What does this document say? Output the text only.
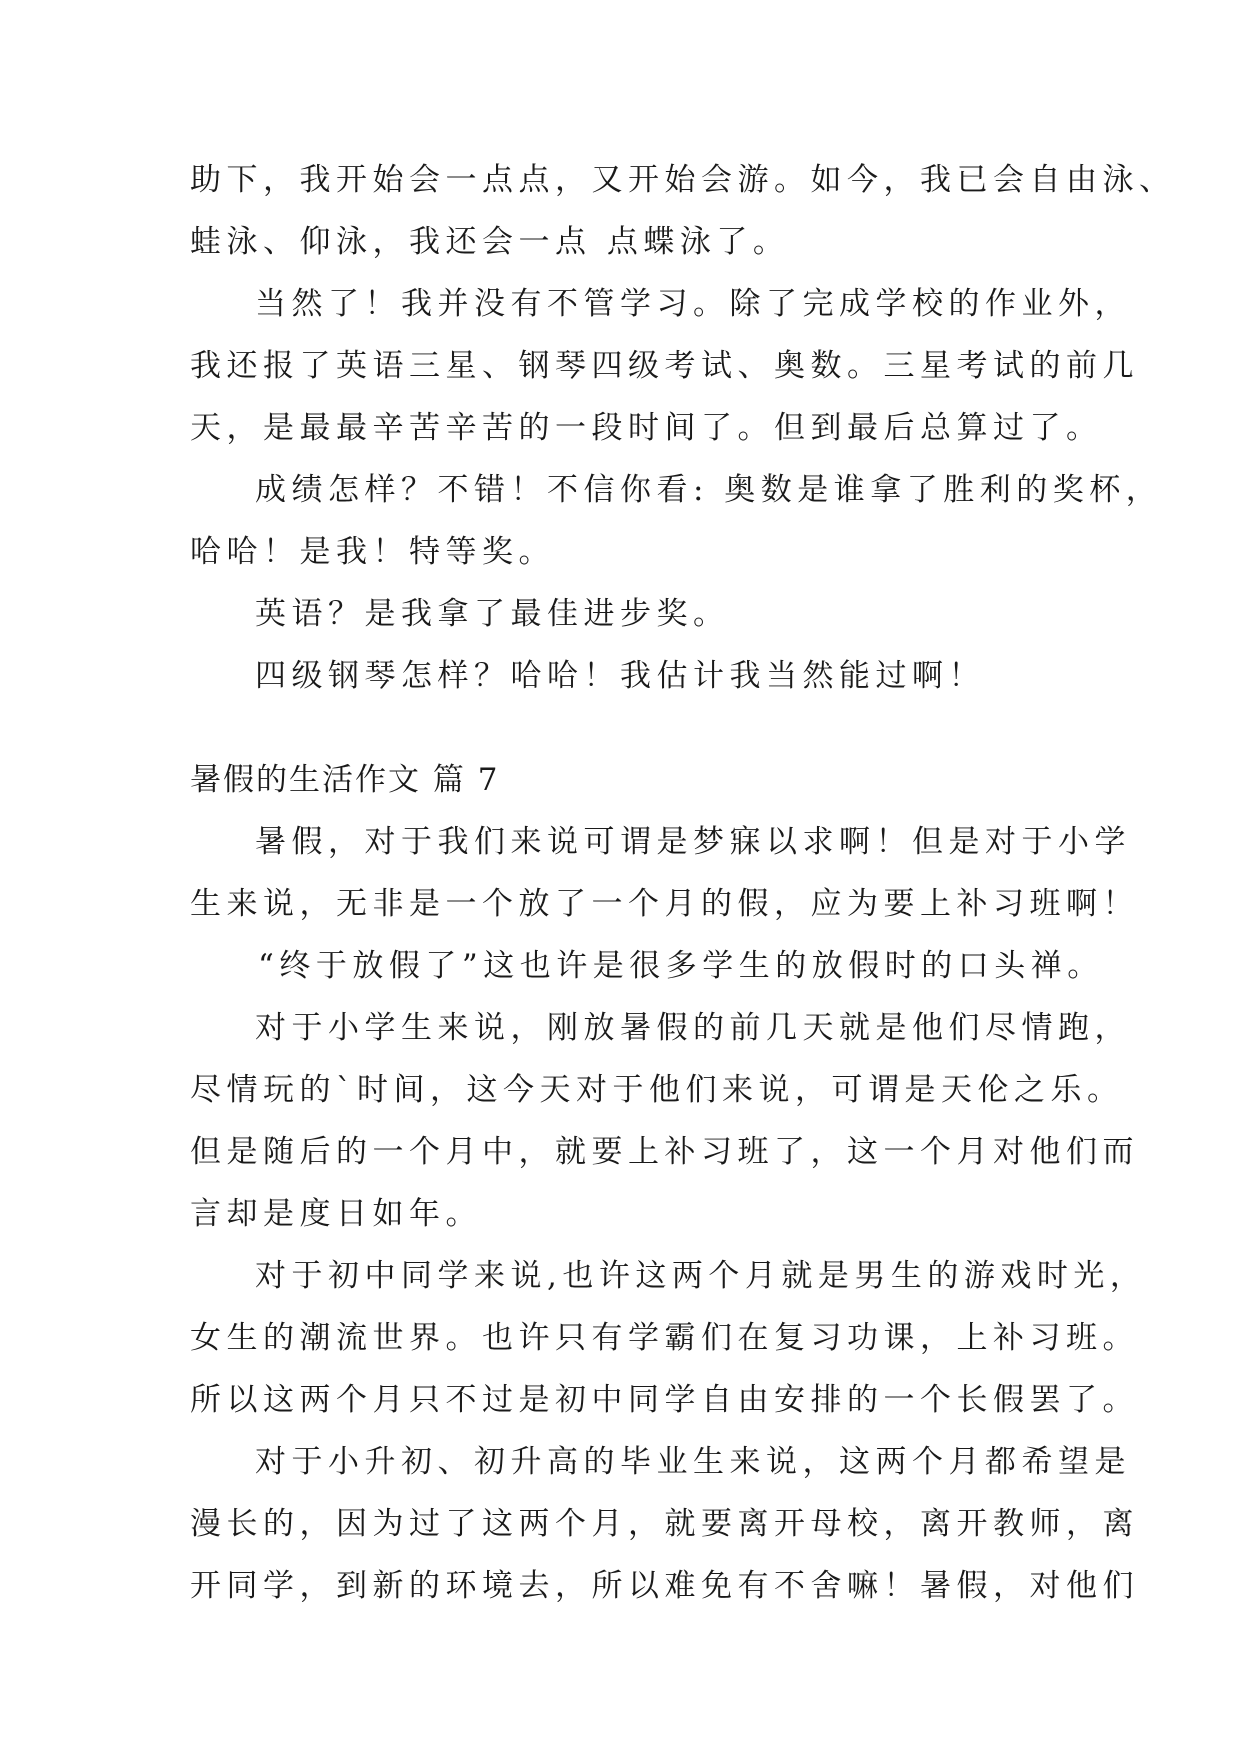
助下，我开始会一点点，又开始会游。如今，我已会自由泳、
蛙泳、仰泳，我还会一点 点蝶泳了。
当然了！我并没有不管学习。除了完成学校的作业外，
我还报了英语三星、钢琴四级考试、奥数。三星考试的前几
天，是最最辛苦辛苦的一段时间了。但到最后总算过了。
成绩怎样？不错！不信你看: 奥数是谁拿了胜利的奖杯，
哈哈！是我！特等奖。
英语？是我拿了最佳进步奖。
四级钢琴怎样？哈哈！我估计我当然能过啊！
暑假的生活作文 篇 7
暑假，对于我们来说可谓是梦寐以求啊！但是对于小学
生来说，无非是一个放了一个月的假，应为要上补习班啊！
“终于放假了”这也许是很多学生的放假时的口头禅。
对于小学生来说，刚放暑假的前几天就是他们尽情跑，
尽情玩的`时间，这今天对于他们来说，可谓是天伦之乐。
但是随后的一个月中，就要上补习班了，这一个月对他们而
言却是度日如年。
对于初中同学来说,也许这两个月就是男生的游戏时光，
女生的潮流世界。也许只有学霸们在复习功课，上补习班。
所以这两个月只不过是初中同学自由安排的一个长假罢了。
对于小升初、初升高的毕业生来说，这两个月都希望是
漫长的，因为过了这两个月，就要离开母校，离开教师，离
开同学，到新的环境去，所以难免有不舍嘛！暑假，对他们
